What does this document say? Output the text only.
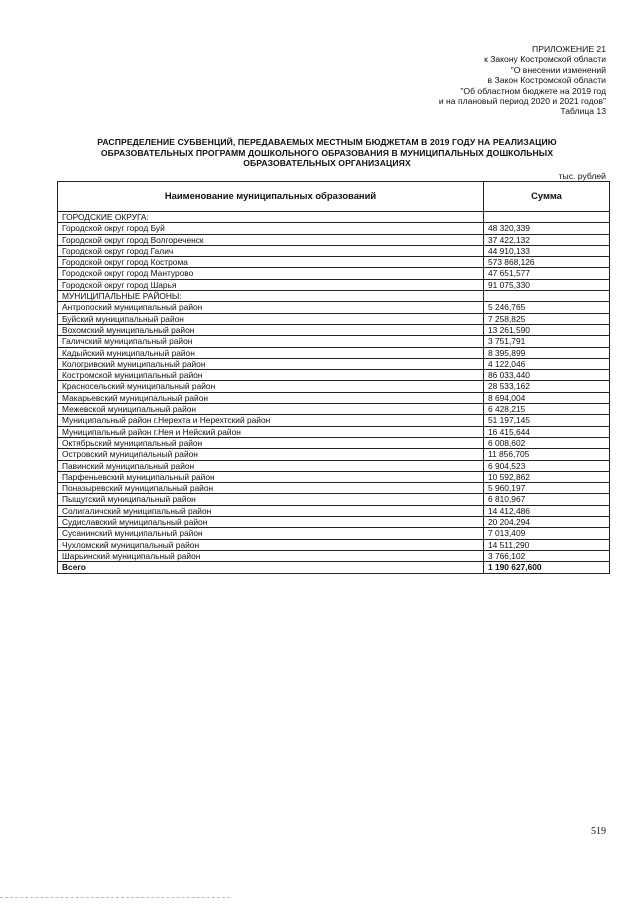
ПРИЛОЖЕНИЕ 21
к Закону Костромской области
"О внесении изменений
в Закон Костромской области
"Об областном бюджете на 2019 год
и на плановый период 2020 и 2021 годов"
Таблица 13
РАСПРЕДЕЛЕНИЕ СУБВЕНЦИЙ, ПЕРЕДАВАЕМЫХ МЕСТНЫМ БЮДЖЕТАМ В 2019 ГОДУ НА РЕАЛИЗАЦИЮ
ОБРАЗОВАТЕЛЬНЫХ ПРОГРАММ ДОШКОЛЬНОГО ОБРАЗОВАНИЯ В МУНИЦИПАЛЬНЫХ ДОШКОЛЬНЫХ
ОБРАЗОВАТЕЛЬНЫХ ОРГАНИЗАЦИЯХ
тыс. рублей
Наименование муниципальных образований	Сумма
ГОРОДСКИЕ ОКРУГА:	
Городской округ город Буй	48 320,339
Городской округ город Волгореченск	37 422,132
Городской округ город Галич	44 910,133
Городской округ город Кострома	573 868,126
Городской округ город Мантурово	47 651,577
Городской округ город Шарья	91 075,330
МУНИЦИПАЛЬНЫЕ РАЙОНЫ:	
Антропоский муниципальный район	5 246,765
Буйский муниципальный район	7 258,825
Вохомский муниципальный район	13 261,590
Галичский муниципальный район	3 751,791
Кадыйский муниципальный район	8 395,899
Кологривский муниципальный район	4 122,046
Костромской муниципальный район	86 033,440
Красносельский муниципальный район	28 533,162
Макарьевский муниципальный район	8 694,004
Межевской муниципальный район	6 428,215
Муниципальный район г.Нерехта и Нерехтский район	51 197,145
Муниципальный район г.Нея и Нейский район	16 415,644
Октябрьский муниципальный район	6 008,602
Островский муниципальный район	11 856,705
Павинский муниципальный район	6 904,523
Парфеньевский муниципальный район	10 592,862
Поназыревский муниципальный район	5 960,197
Пыщугский муниципальный район	6 810,967
Солигаличский муниципальный район	14 412,486
Судиславский муниципальный район	20 204,294
Сусанинский муниципальный район	7 013,409
Чухломский муниципальный район	14 511,290
Шарьинский муниципальный район	3 766,102
Всего	1 190 627,600
519
